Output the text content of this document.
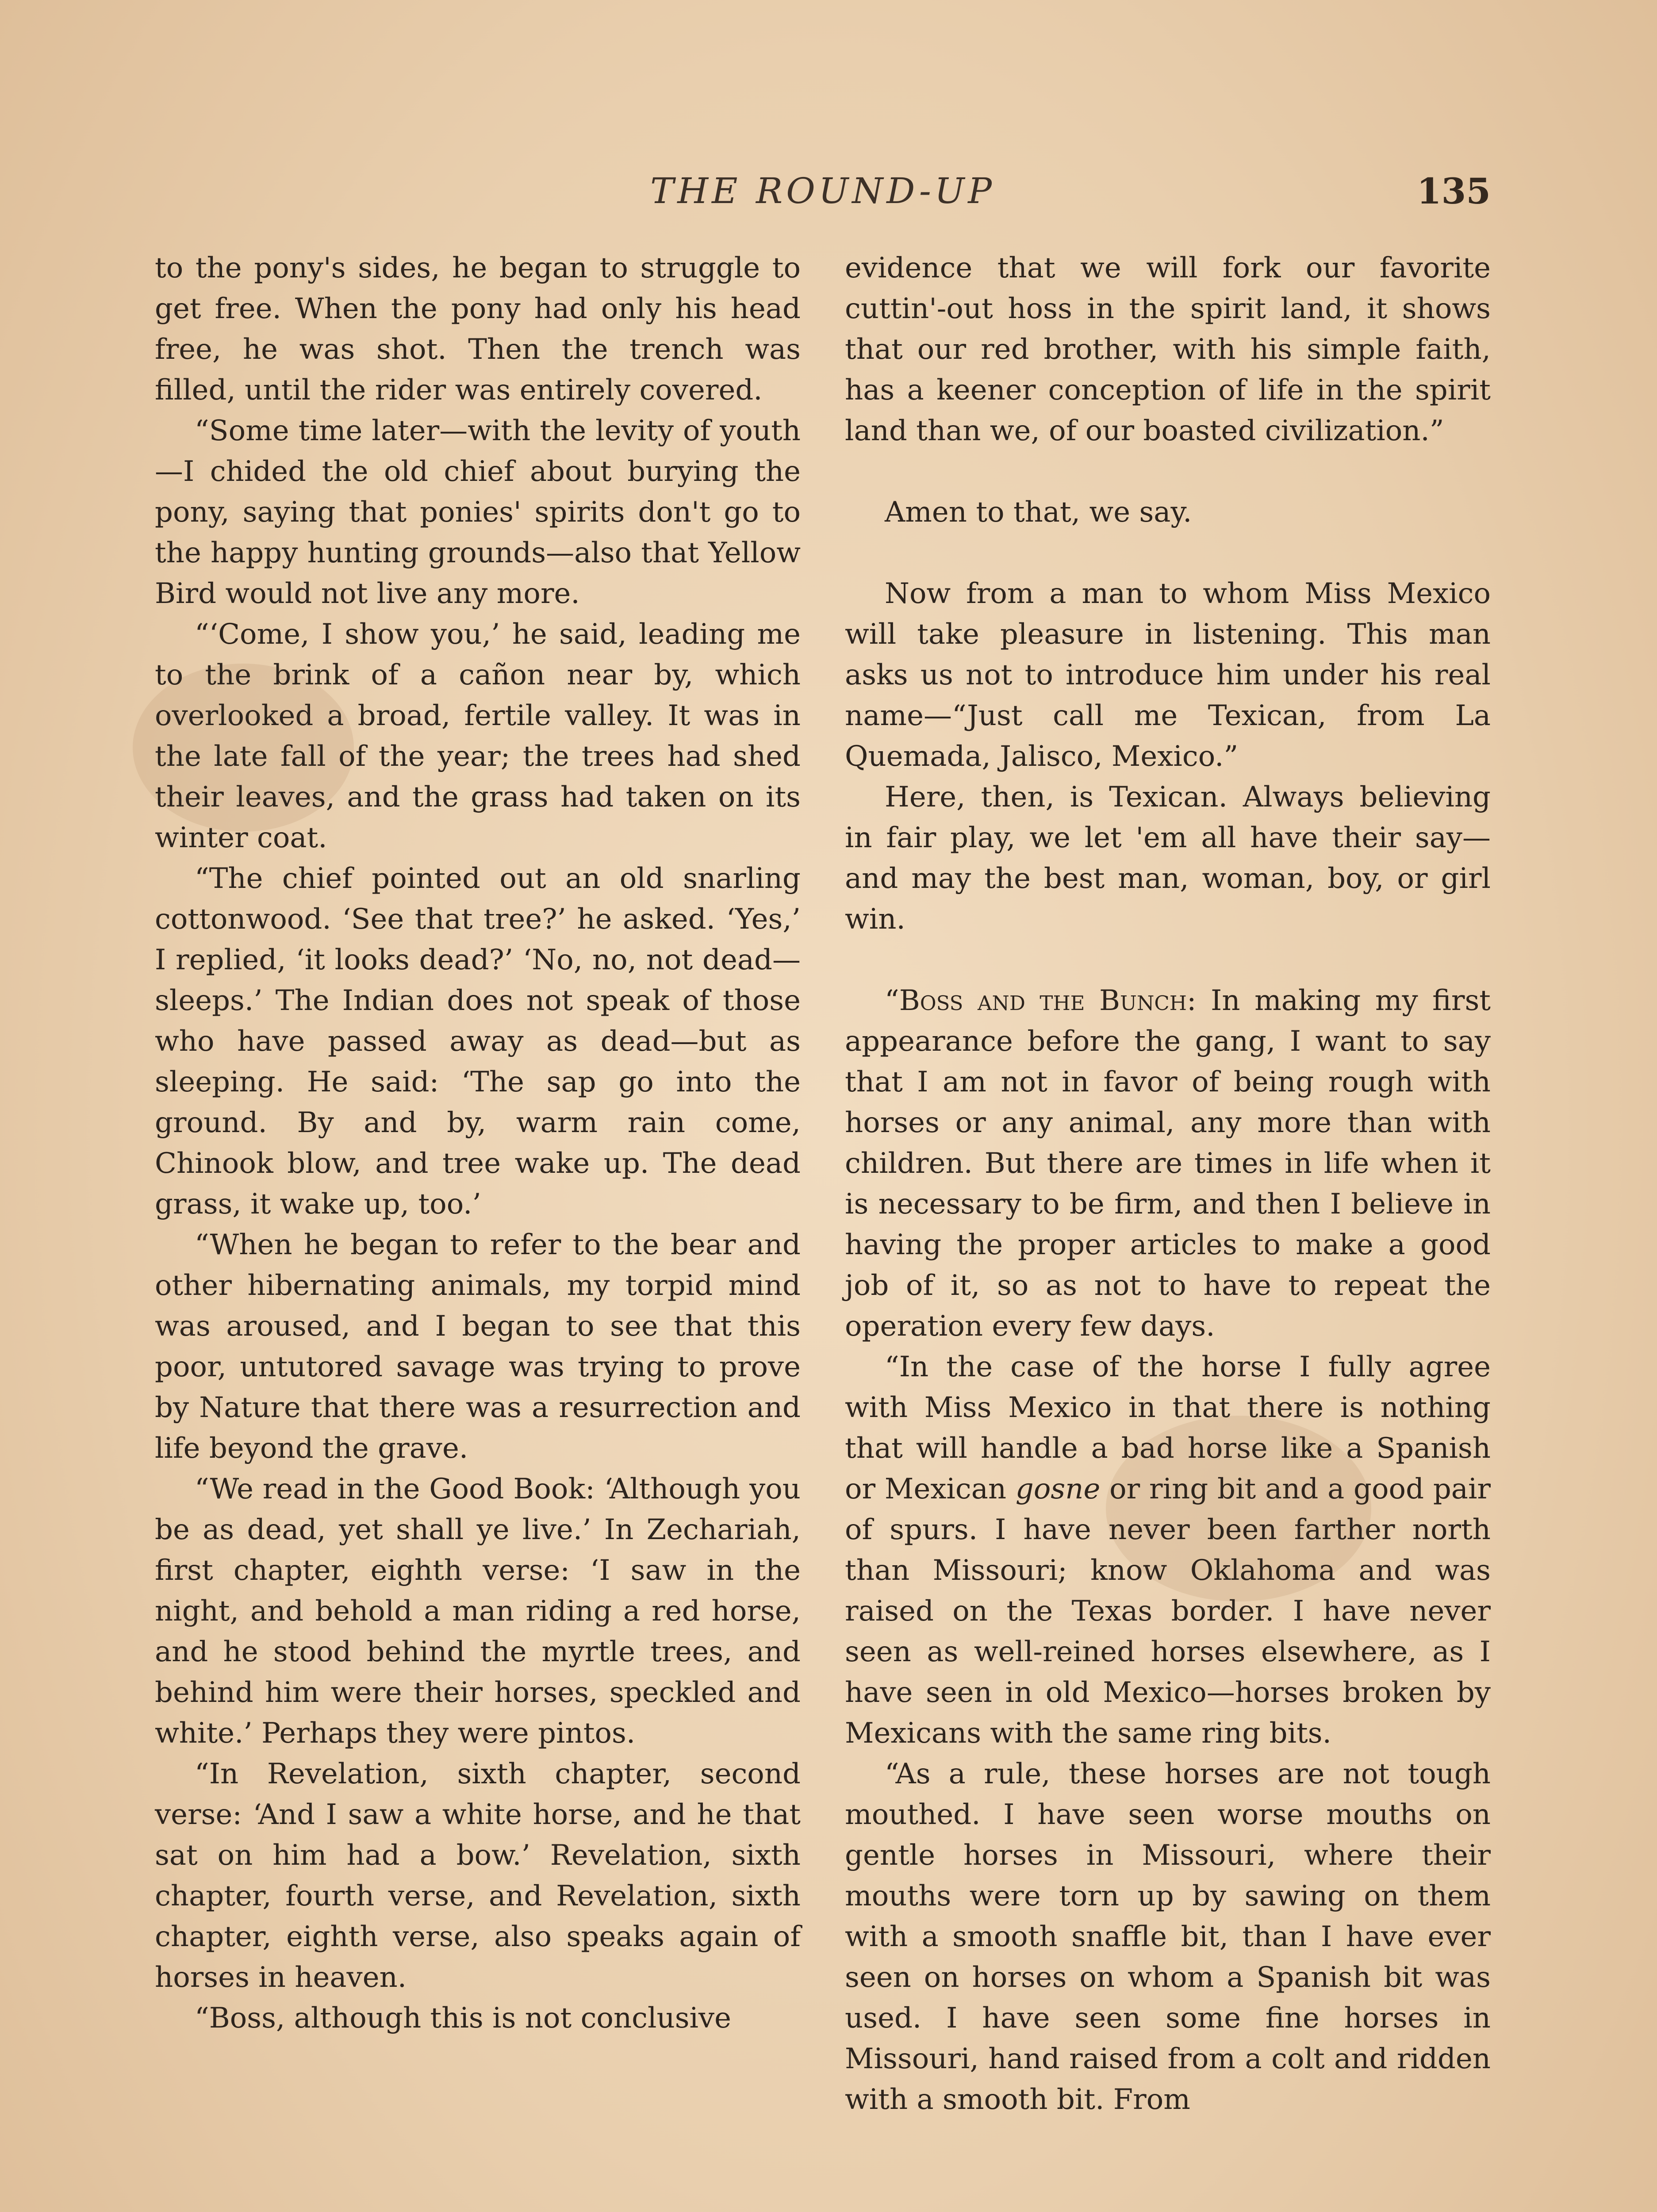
THE ROUND-UP	135

to the pony's sides, he began to struggle to get free. When the pony had only his head free, he was shot. Then the trench was filled, until the rider was entirely covered.

“Some time later—with the levity of youth—I chided the old chief about burying the pony, saying that ponies' spirits don't go to the happy hunting grounds—also that Yellow Bird would not live any more.

“‘Come, I show you,’ he said, leading me to the brink of a cañon near by, which overlooked a broad, fertile valley. It was in the late fall of the year; the trees had shed their leaves, and the grass had taken on its winter coat.

“The chief pointed out an old snarling cottonwood. ‘See that tree?’ he asked. ‘Yes,’ I replied, ‘it looks dead?’ ‘No, no, not dead—sleeps.’ The Indian does not speak of those who have passed away as dead—but as sleeping. He said: ‘The sap go into the ground. By and by, warm rain come, Chinook blow, and tree wake up. The dead grass, it wake up, too.’

“When he began to refer to the bear and other hibernating animals, my torpid mind was aroused, and I began to see that this poor, untutored savage was trying to prove by Nature that there was a resurrection and life beyond the grave.

“We read in the Good Book: ‘Although you be as dead, yet shall ye live.’ In Zechariah, first chapter, eighth verse: ‘I saw in the night, and behold a man riding a red horse, and he stood behind the myrtle trees, and behind him were their horses, speckled and white.’ Perhaps they were pintos.

“In Revelation, sixth chapter, second verse: ‘And I saw a white horse, and he that sat on him had a bow.’ Revelation, sixth chapter, fourth verse, and Revelation, sixth chapter, eighth verse, also speaks again of horses in heaven.

“Boss, although this is not conclusive

evidence that we will fork our favorite cuttin'-out hoss in the spirit land, it shows that our red brother, with his simple faith, has a keener conception of life in the spirit land than we, of our boasted civilization.”

Amen to that, we say.

Now from a man to whom Miss Mexico will take pleasure in listening. This man asks us not to introduce him under his real name—“Just call me Texican, from La Quemada, Jalisco, Mexico.”

Here, then, is Texican. Always believing in fair play, we let 'em all have their say—and may the best man, woman, boy, or girl win.

“Boss and the Bunch: In making my first appearance before the gang, I want to say that I am not in favor of being rough with horses or any animal, any more than with children. But there are times in life when it is necessary to be firm, and then I believe in having the proper articles to make a good job of it, so as not to have to repeat the operation every few days.

“In the case of the horse I fully agree with Miss Mexico in that there is nothing that will handle a bad horse like a Spanish or Mexican gosne or ring bit and a good pair of spurs. I have never been farther north than Missouri; know Oklahoma and was raised on the Texas border. I have never seen as well-reined horses elsewhere, as I have seen in old Mexico—horses broken by Mexicans with the same ring bits.

“As a rule, these horses are not tough mouthed. I have seen worse mouths on gentle horses in Missouri, where their mouths were torn up by sawing on them with a smooth snaffle bit, than I have ever seen on horses on whom a Spanish bit was used. I have seen some fine horses in Missouri, hand raised from a colt and ridden with a smooth bit. From
